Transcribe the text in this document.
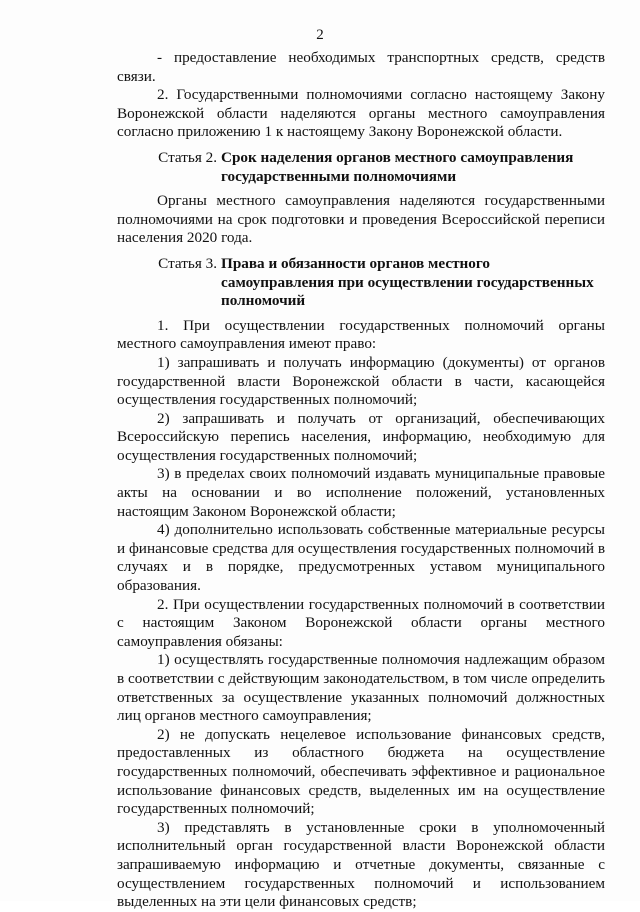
2

- предоставление необходимых транспортных средств, средств связи.

2. Государственными полномочиями согласно настоящему Закону Воронежской области наделяются органы местного самоуправления согласно приложению 1 к настоящему Закону Воронежской области.

Статья 2. Срок наделения органов местного самоуправления государственными полномочиями

Органы местного самоуправления наделяются государственными полномочиями на срок подготовки и проведения Всероссийской переписи населения 2020 года.

Статья 3. Права и обязанности органов местного самоуправления при осуществлении государственных полномочий

1. При осуществлении государственных полномочий органы местного самоуправления имеют право:

1) запрашивать и получать информацию (документы) от органов государственной власти Воронежской области в части, касающейся осуществления государственных полномочий;

2) запрашивать и получать от организаций, обеспечивающих Всероссийскую перепись населения, информацию, необходимую для осуществления государственных полномочий;

3) в пределах своих полномочий издавать муниципальные правовые акты на основании и во исполнение положений, установленных настоящим Законом Воронежской области;

4) дополнительно использовать собственные материальные ресурсы и финансовые средства для осуществления государственных полномочий в случаях и в порядке, предусмотренных уставом муниципального образования.

2. При осуществлении государственных полномочий в соответствии с настоящим Законом Воронежской области органы местного самоуправления обязаны:

1) осуществлять государственные полномочия надлежащим образом в соответствии с действующим законодательством, в том числе определить ответственных за осуществление указанных полномочий должностных лиц органов местного самоуправления;

2) не допускать нецелевое использование финансовых средств, предоставленных из областного бюджета на осуществление государственных полномочий, обеспечивать эффективное и рациональное использование финансовых средств, выделенных им на осуществление государственных полномочий;

3) представлять в установленные сроки в уполномоченный исполнительный орган государственной власти Воронежской области запрашиваемую информацию и отчетные документы, связанные с осуществлением государственных полномочий и использованием выделенных на эти цели финансовых средств;
